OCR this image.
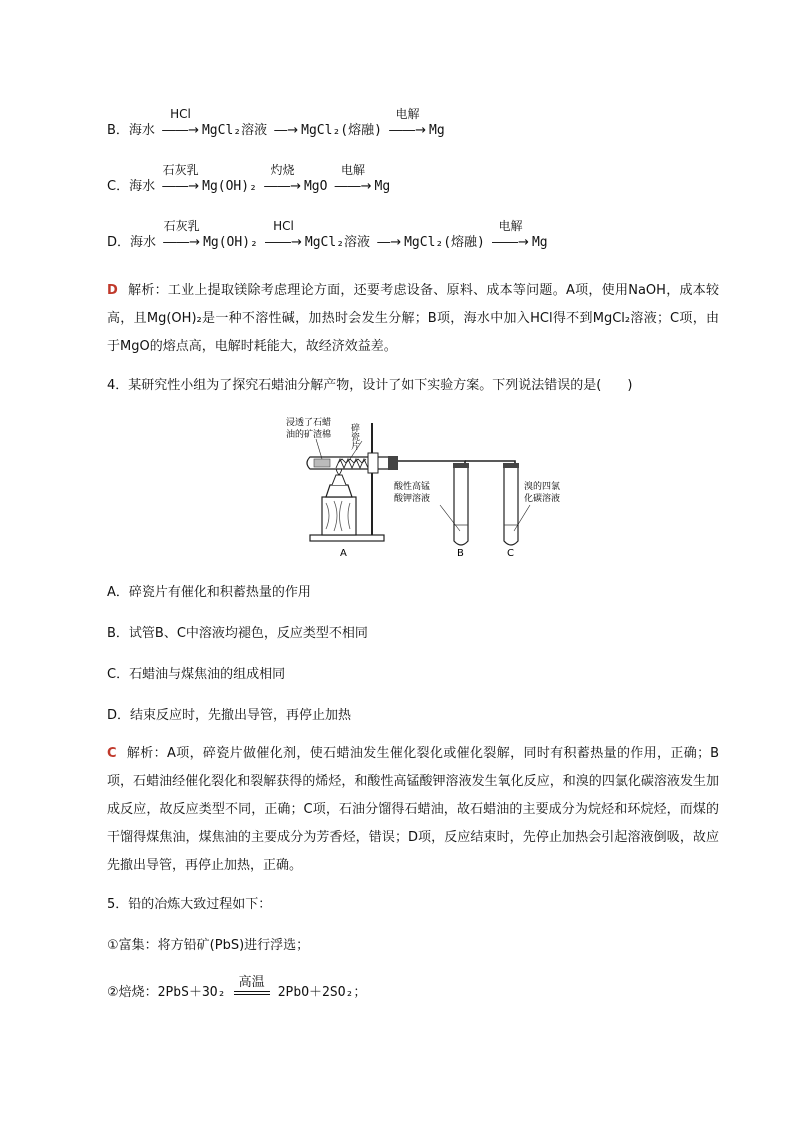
B．海水
HCl
――→ MgCl₂溶液 ―→ MgCl₂(熔融)
电解
――→ Mg
C．海水
石灰乳
――→ Mg(OH)₂
灼烧
――→ MgO
电解
――→ Mg
D．海水
石灰乳
――→ Mg(OH)₂
HCl
――→ MgCl₂溶液 ―→ MgCl₂(熔融)
电解
――→ Mg
D 解析：工业上提取镁除考虑理论方面，还要考虑设备、原料、成本等问题。A项，使用NaOH，成本较高，且Mg(OH)₂是一种不溶性碱，加热时会发生分解；B项，海水中加入HCl得不到MgCl₂溶液；C项，由于MgO的熔点高，电解时耗能大，故经济效益差。
4．某研究性小组为了探究石蜡油分解产物，设计了如下实验方案。下列说法错误的是(　　)
浸透了石蜡
油的矿渣棉 碎瓷片
酸性高锰
酸钾溶液
溴的四氯
化碳溶液
A	B	C
A．碎瓷片有催化和积蓄热量的作用
B．试管B、C中溶液均褪色，反应类型不相同
C．石蜡油与煤焦油的组成相同
D．结束反应时，先撤出导管，再停止加热
C 解析：A项，碎瓷片做催化剂，使石蜡油发生催化裂化或催化裂解，同时有积蓄热量的作用，正确；B项，石蜡油经催化裂化和裂解获得的烯烃，和酸性高锰酸钾溶液发生氧化反应，和溴的四氯化碳溶液发生加成反应，故反应类型不同，正确；C项，石油分馏得石蜡油，故石蜡油的主要成分为烷烃和环烷烃，而煤的干馏得煤焦油，煤焦油的主要成分为芳香烃，错误；D项，反应结束时，先停止加热会引起溶液倒吸，故应先撤出导管，再停止加热，正确。
5．铅的冶炼大致过程如下：
①富集：将方铅矿(PbS)进行浮选；
②焙烧：2PbS＋3O₂
高温
2PbO＋2SO₂；
